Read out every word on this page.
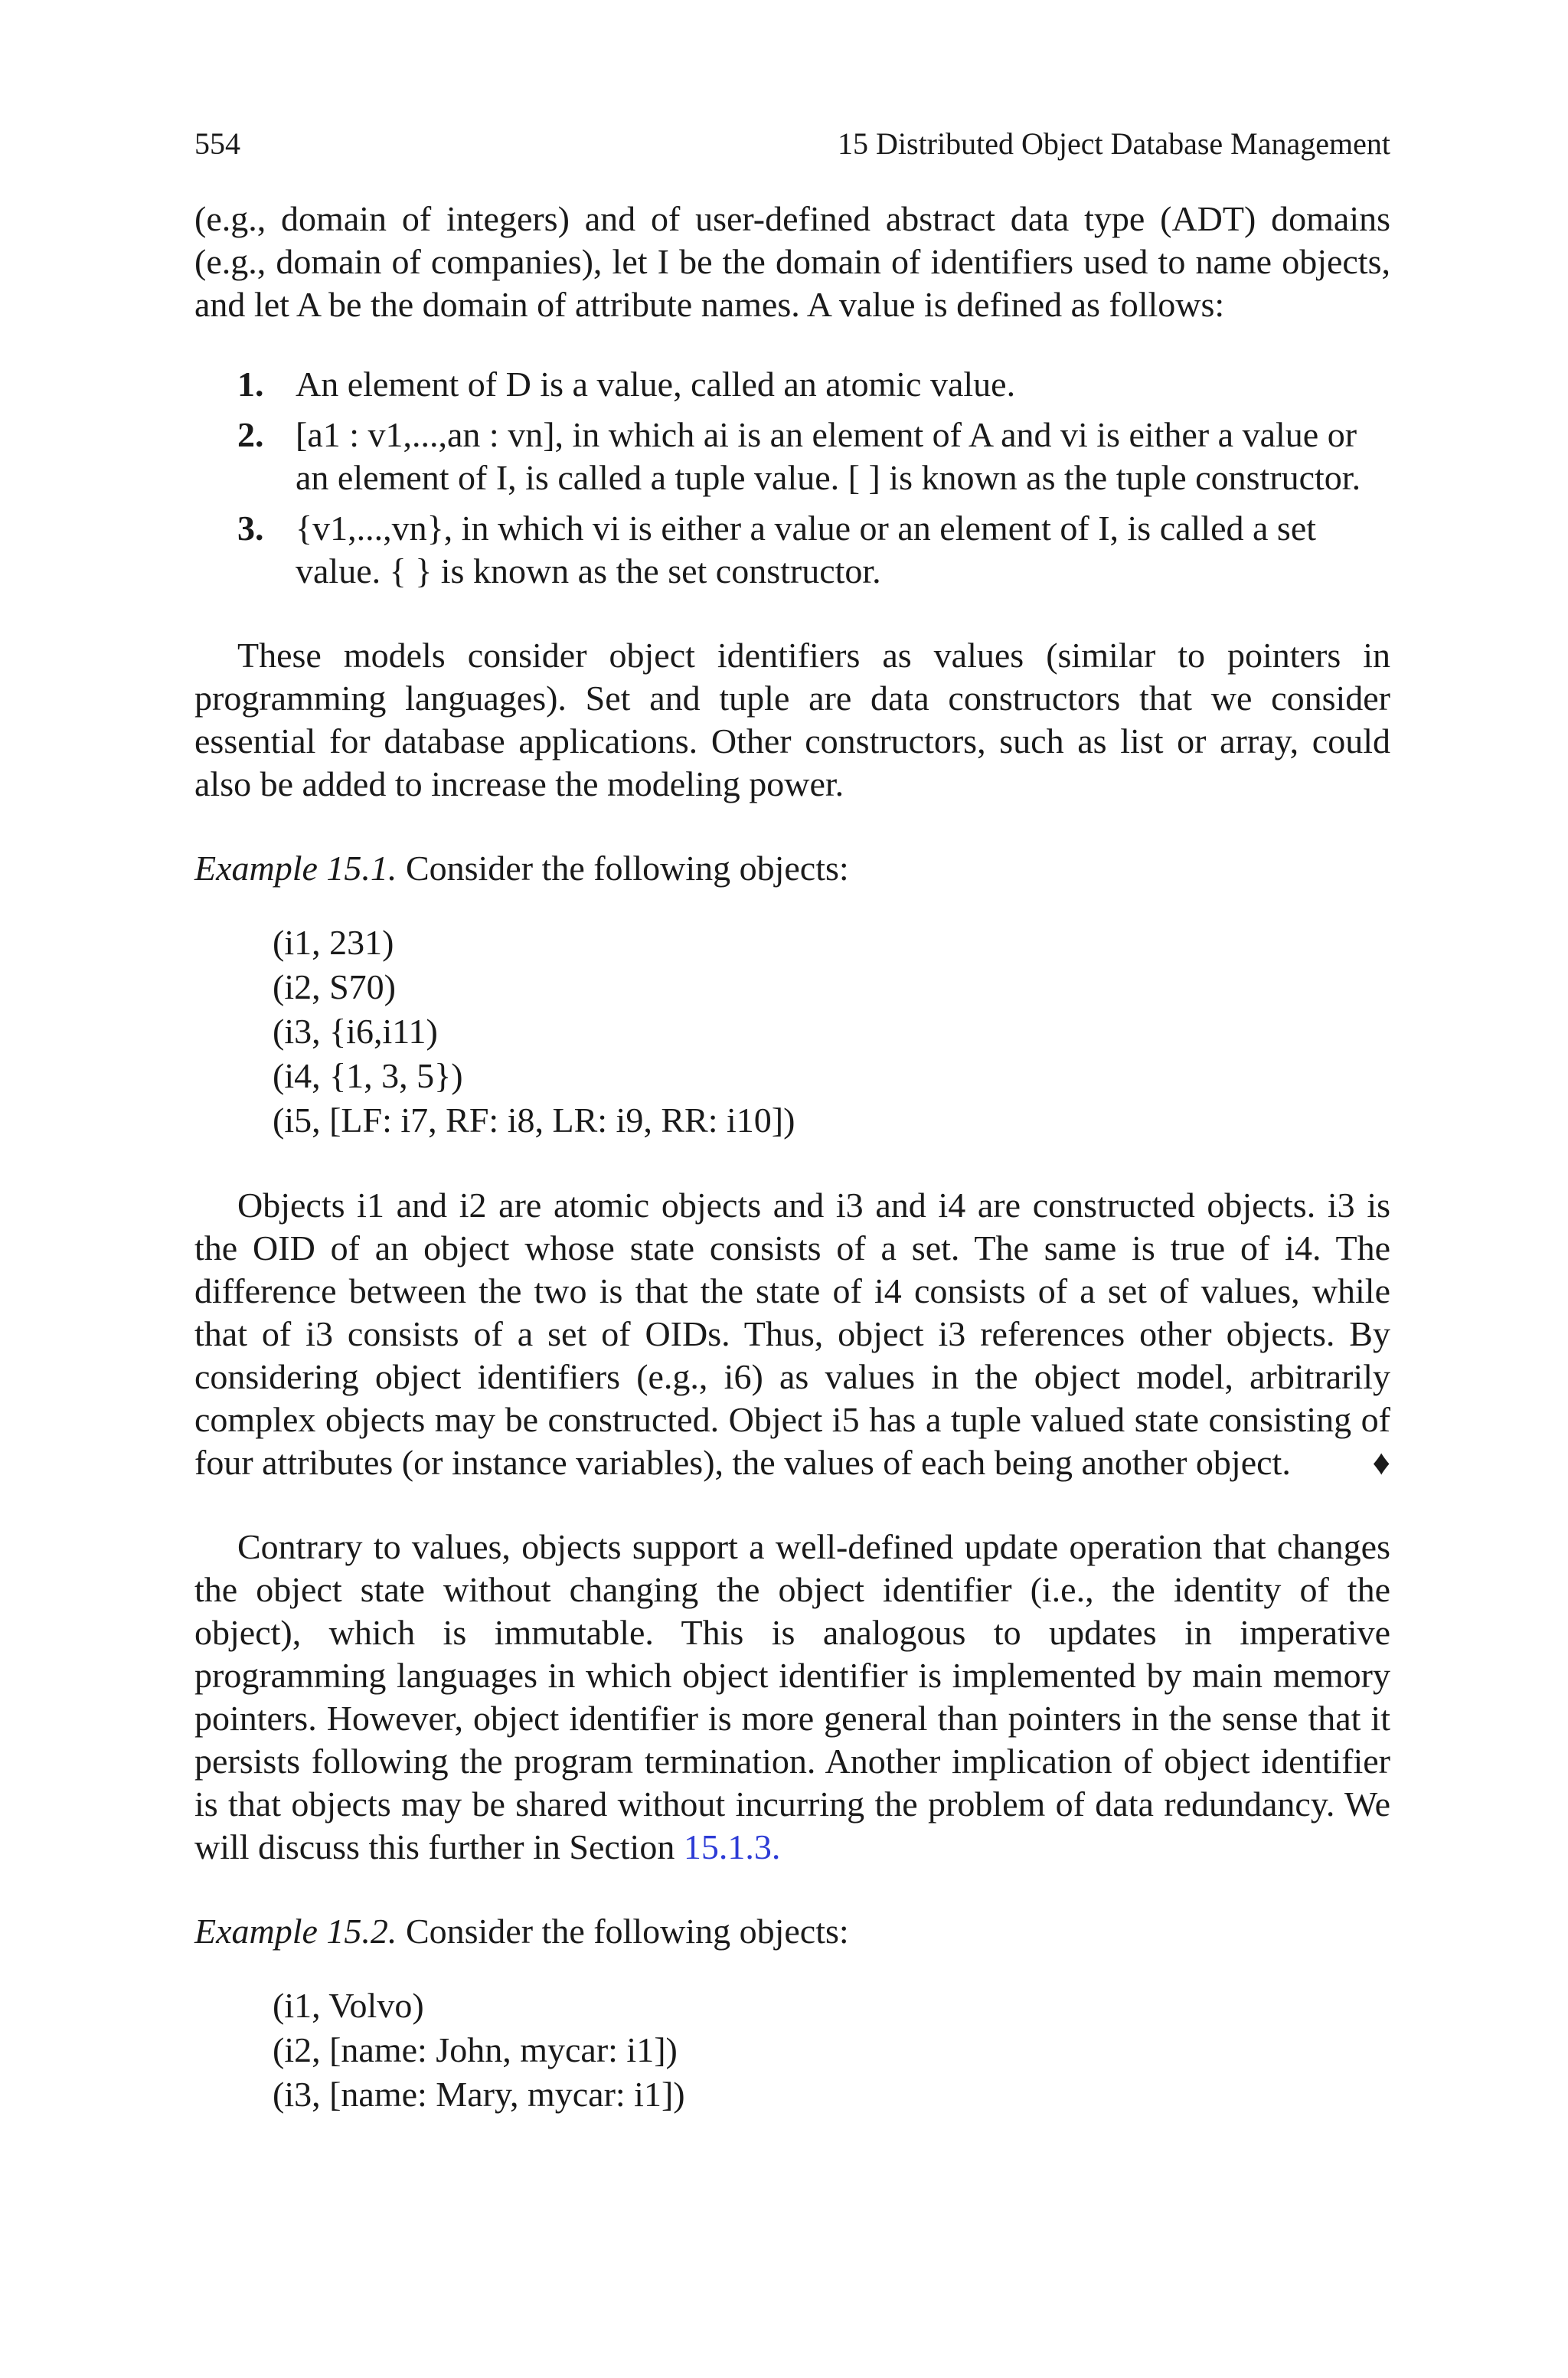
554	15 Distributed Object Database Management

(e.g., domain of integers) and of user-defined abstract data type (ADT) domains (e.g., domain of companies), let I be the domain of identifiers used to name objects, and let A be the domain of attribute names. A value is defined as follows:

1. An element of D is a value, called an atomic value.
2. [a1 : v1,...,an : vn], in which ai is an element of A and vi is either a value or an element of I, is called a tuple value. [ ] is known as the tuple constructor.
3. {v1,...,vn}, in which vi is either a value or an element of I, is called a set value. { } is known as the set constructor.

These models consider object identifiers as values (similar to pointers in programming languages). Set and tuple are data constructors that we consider essential for database applications. Other constructors, such as list or array, could also be added to increase the modeling power.

Example 15.1. Consider the following objects:

(i1, 231)
(i2, S70)
(i3, {i6,i11)
(i4, {1, 3, 5})
(i5, [LF: i7, RF: i8, LR: i9, RR: i10])

Objects i1 and i2 are atomic objects and i3 and i4 are constructed objects. i3 is the OID of an object whose state consists of a set. The same is true of i4. The difference between the two is that the state of i4 consists of a set of values, while that of i3 consists of a set of OIDs. Thus, object i3 references other objects. By considering object identifiers (e.g., i6) as values in the object model, arbitrarily complex objects may be constructed. Object i5 has a tuple valued state consisting of four attributes (or instance variables), the values of each being another object.	♦

Contrary to values, objects support a well-defined update operation that changes the object state without changing the object identifier (i.e., the identity of the object), which is immutable. This is analogous to updates in imperative programming languages in which object identifier is implemented by main memory pointers. However, object identifier is more general than pointers in the sense that it persists following the program termination. Another implication of object identifier is that objects may be shared without incurring the problem of data redundancy. We will discuss this further in Section 15.1.3.

Example 15.2. Consider the following objects:

(i1, Volvo)
(i2, [name: John, mycar: i1])
(i3, [name: Mary, mycar: i1])
